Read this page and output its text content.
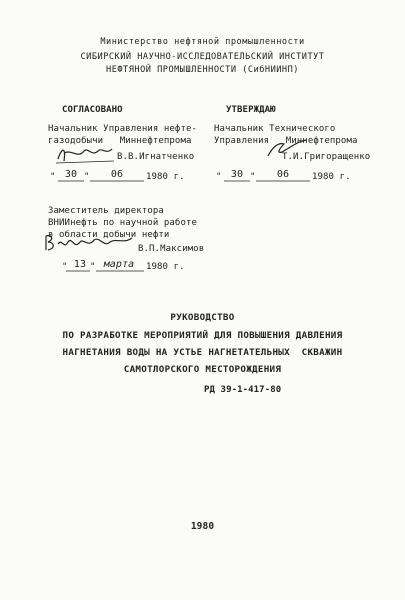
Министерство нефтяной промышленности
СИБИРСКИЙ НАУЧНО-ИССЛЕДОВАТЕЛЬСКИЙ ИНСТИТУТ
НЕФТЯНОЙ ПРОМЫШЛЕННОСТИ (СибНИИНП)
СОГЛАСОВАНО
Начальник Управления нефте-
газодобычи   Миннефтепрома
В.В.Игнатченко
" 30 "	06	1980 г.
УТВЕРЖДАЮ
Начальник Технического
Управления   Миннефтепрома
Т.И.Григоращенко
" 30 "	06	1980 г.
Заместитель директора
ВНИИнефть по научной работе
в области добычи нефти
В.П.Максимов
" 13 " марта	1980 г.
РУКОВОДСТВО
ПО РАЗРАБОТКЕ МЕРОПРИЯТИЙ ДЛЯ ПОВЫШЕНИЯ ДАВЛЕНИЯ
НАГНЕТАНИЯ ВОДЫ НА УСТЬЕ НАГНЕТАТЕЛЬНЫХ  СКВАЖИН
САМОТЛОРСКОГО МЕСТОРОЖДЕНИЯ
РД 39-1-417-80
1980
